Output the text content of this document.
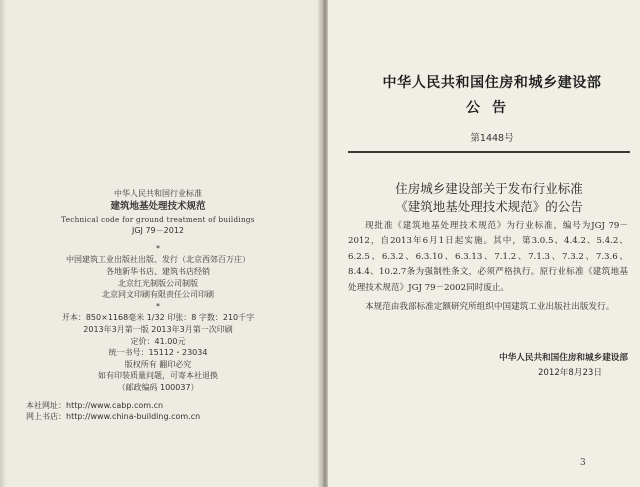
中华人民共和国行业标准
建筑地基处理技术规范
Technical code for ground treatment of buildings
JGJ 79－2012
*
中国建筑工业出版社出版、发行（北京西郊百万庄）
各地新华书店、建筑书店经销
北京红光制版公司制版
北京同文印刷有限责任公司印刷
*
开本：850×1168毫米 1/32 印张：8 字数：210千字
2013年3月第一版 2013年3月第一次印刷
定价：41.00元
统一书号：15112・23034
版权所有 翻印必究
如有印装质量问题，可寄本社退换
（邮政编码 100037）
本社网址：http://www.cabp.com.cn
网上书店：http://www.china-building.com.cn
中华人民共和国住房和城乡建设部
公告
第1448号
住房城乡建设部关于发布行业标准
《建筑地基处理技术规范》的公告

现批准《建筑地基处理技术规范》为行业标准，编号为JGJ 79－2012，自2013年6月1日起实施。其中，第3.0.5、4.4.2、5.4.2、6.2.5、6.3.2、6.3.10、6.3.13、7.1.2、7.1.3、7.3.2、7.3.6、8.4.4、10.2.7条为强制性条文，必须严格执行。原行业标准《建筑地基处理技术规范》JGJ 79－2002同时废止。

本规范由我部标准定额研究所组织中国建筑工业出版社出版发行。

中华人民共和国住房和城乡建设部
2012年8月23日
3
